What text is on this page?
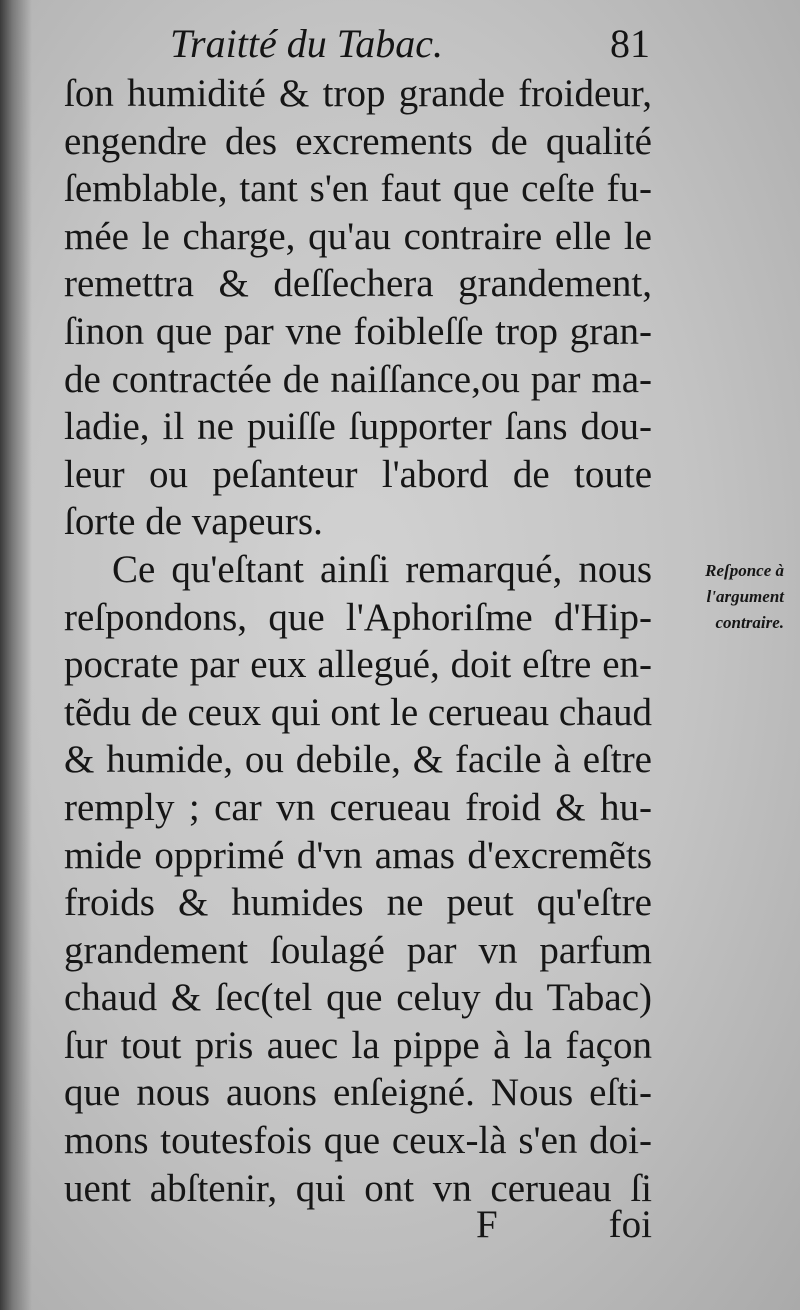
Traitté du Tabac.	81
ſon humidité & trop grande froideur,
engendre des excrements de qualité
ſemblable, tant s'en faut que ceſte fu-
mée le charge, qu'au contraire elle le
remettra & deſſechera grandement,
ſinon que par vne foibleſſe trop gran-
de contractée de naiſſance,ou par ma-
ladie, il ne puiſſe ſupporter ſans dou-
leur ou peſanteur l'abord de toute
ſorte de vapeurs.
Ce qu'eſtant ainſi remarqué, nous
reſpondons, que l'Aphoriſme d'Hip-
pocrate par eux allegué, doit eſtre en-
tẽdu de ceux qui ont le cerueau chaud
& humide, ou debile, & facile à eſtre
remply ; car vn cerueau froid & hu-
mide opprimé d'vn amas d'excremẽts
froids & humides ne peut qu'eſtre
grandement ſoulagé par vn parfum
chaud & ſec(tel que celuy du Tabac)
ſur tout pris auec la pippe à la façon
que nous auons enſeigné. Nous eſti-
mons toutesfois que ceux-là s'en doi-
uent abſtenir, qui ont vn cerueau ſi
Reſponce à
l'argument
contraire.
F	foi
